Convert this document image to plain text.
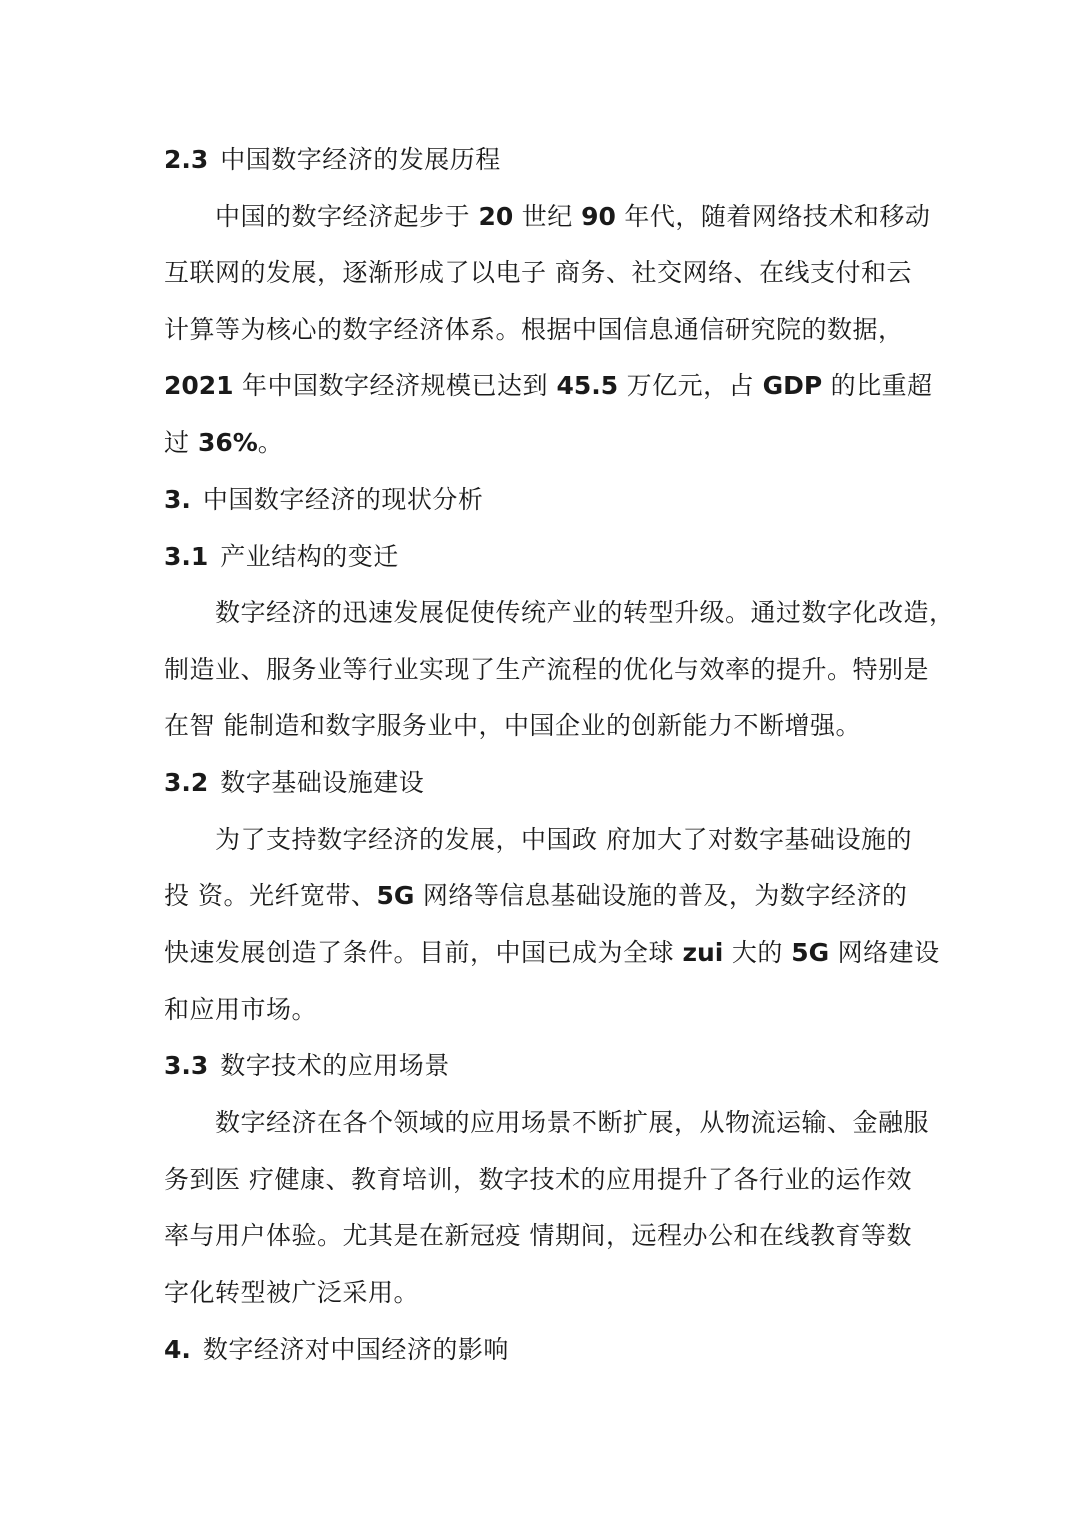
2.3 中国数字经济的发展历程
中国的数字经济起步于 20 世纪 90 年代，随着网络技术和移动
互联网的发展，逐渐形成了以电子 商务、社交网络、在线支付和云
计算等为核心的数字经济体系。根据中国信息通信研究院的数据，
2021 年中国数字经济规模已达到 45.5 万亿元，占 GDP 的比重超
过 36%。
3. 中国数字经济的现状分析
3.1 产业结构的变迁
数字经济的迅速发展促使传统产业的转型升级。通过数字化改造，
制造业、服务业等行业实现了生产流程的优化与效率的提升。特别是
在智 能制造和数字服务业中，中国企业的创新能力不断增强。
3.2 数字基础设施建设
为了支持数字经济的发展，中国政 府加大了对数字基础设施的
投 资。光纤宽带、5G 网络等信息基础设施的普及，为数字经济的
快速发展创造了条件。目前，中国已成为全球 zui 大的 5G 网络建设
和应用市场。
3.3 数字技术的应用场景
数字经济在各个领域的应用场景不断扩展，从物流运输、金融服
务到医 疗健康、教育培训，数字技术的应用提升了各行业的运作效
率与用户体验。尤其是在新冠疫 情期间，远程办公和在线教育等数
字化转型被广泛采用。
4. 数字经济对中国经济的影响
